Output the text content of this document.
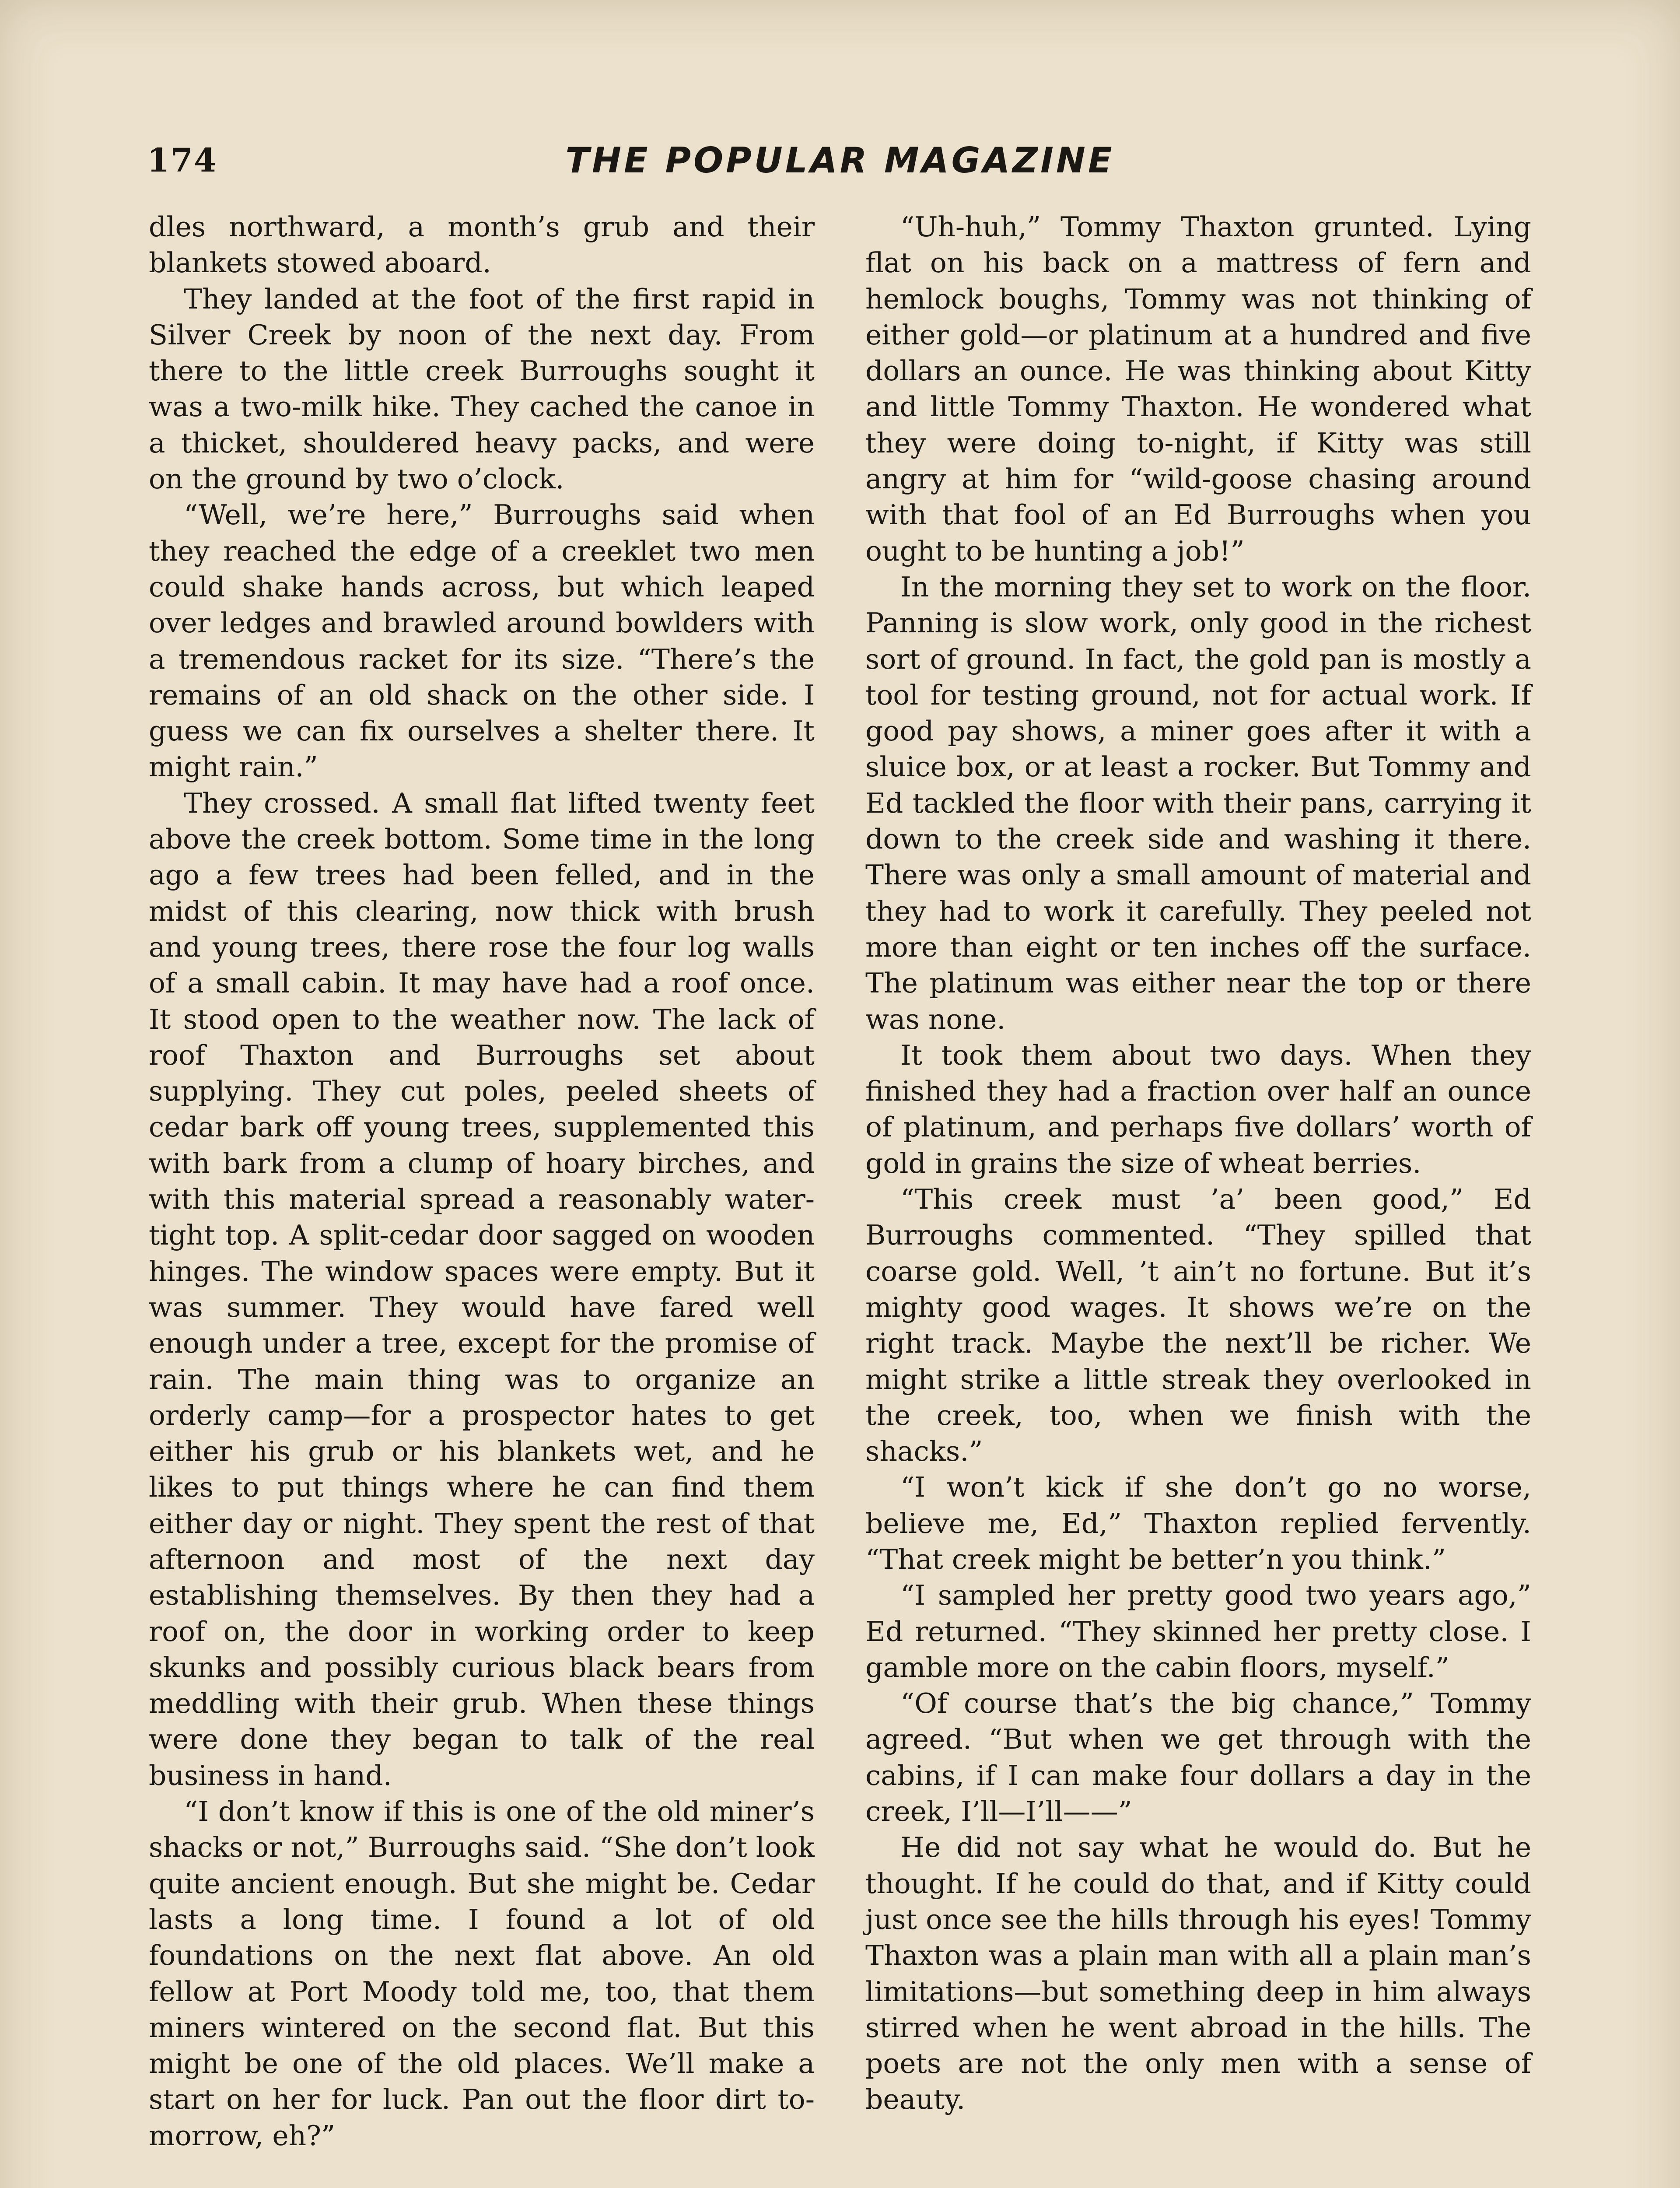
174	THE POPULAR MAGAZINE

dles northward, a month’s grub and their blankets stowed aboard.

They landed at the foot of the first rapid in Silver Creek by noon of the next day. From there to the little creek Burroughs sought it was a two-milk hike. They cached the canoe in a thicket, shouldered heavy packs, and were on the ground by two o’clock.

“Well, we’re here,” Burroughs said when they reached the edge of a creeklet two men could shake hands across, but which leaped over ledges and brawled around bowlders with a tremendous racket for its size. “There’s the remains of an old shack on the other side. I guess we can fix ourselves a shelter there. It might rain.”

They crossed. A small flat lifted twenty feet above the creek bottom. Some time in the long ago a few trees had been felled, and in the midst of this clearing, now thick with brush and young trees, there rose the four log walls of a small cabin. It may have had a roof once. It stood open to the weather now. The lack of roof Thaxton and Burroughs set about supplying. They cut poles, peeled sheets of cedar bark off young trees, supplemented this with bark from a clump of hoary birches, and with this material spread a reasonably water-tight top. A split-cedar door sagged on wooden hinges. The window spaces were empty. But it was summer. They would have fared well enough under a tree, except for the promise of rain. The main thing was to organize an orderly camp—for a prospector hates to get either his grub or his blankets wet, and he likes to put things where he can find them either day or night. They spent the rest of that afternoon and most of the next day establishing themselves. By then they had a roof on, the door in working order to keep skunks and possibly curious black bears from meddling with their grub. When these things were done they began to talk of the real business in hand.

“I don’t know if this is one of the old miner’s shacks or not,” Burroughs said. “She don’t look quite ancient enough. But she might be. Cedar lasts a long time. I found a lot of old foundations on the next flat above. An old fellow at Port Moody told me, too, that them miners wintered on the second flat. But this might be one of the old places. We’ll make a start on her for luck. Pan out the floor dirt to-morrow, eh?”

“Uh-huh,” Tommy Thaxton grunted. Lying flat on his back on a mattress of fern and hemlock boughs, Tommy was not thinking of either gold—or platinum at a hundred and five dollars an ounce. He was thinking about Kitty and little Tommy Thaxton. He wondered what they were doing to-night, if Kitty was still angry at him for “wild-goose chasing around with that fool of an Ed Burroughs when you ought to be hunting a job!”

In the morning they set to work on the floor. Panning is slow work, only good in the richest sort of ground. In fact, the gold pan is mostly a tool for testing ground, not for actual work. If good pay shows, a miner goes after it with a sluice box, or at least a rocker. But Tommy and Ed tackled the floor with their pans, carrying it down to the creek side and washing it there. There was only a small amount of material and they had to work it carefully. They peeled not more than eight or ten inches off the surface. The platinum was either near the top or there was none.

It took them about two days. When they finished they had a fraction over half an ounce of platinum, and perhaps five dollars’ worth of gold in grains the size of wheat berries.

“This creek must ’a’ been good,” Ed Burroughs commented. “They spilled that coarse gold. Well, ’t ain’t no fortune. But it’s mighty good wages. It shows we’re on the right track. Maybe the next’ll be richer. We might strike a little streak they overlooked in the creek, too, when we finish with the shacks.”

“I won’t kick if she don’t go no worse, believe me, Ed,” Thaxton replied fervently. “That creek might be better’n you think.”

“I sampled her pretty good two years ago,” Ed returned. “They skinned her pretty close. I gamble more on the cabin floors, myself.”

“Of course that’s the big chance,” Tommy agreed. “But when we get through with the cabins, if I can make four dollars a day in the creek, I’ll—I’ll——”

He did not say what he would do. But he thought. If he could do that, and if Kitty could just once see the hills through his eyes! Tommy Thaxton was a plain man with all a plain man’s limitations—but something deep in him always stirred when he went abroad in the hills. The poets are not the only men with a sense of beauty.
